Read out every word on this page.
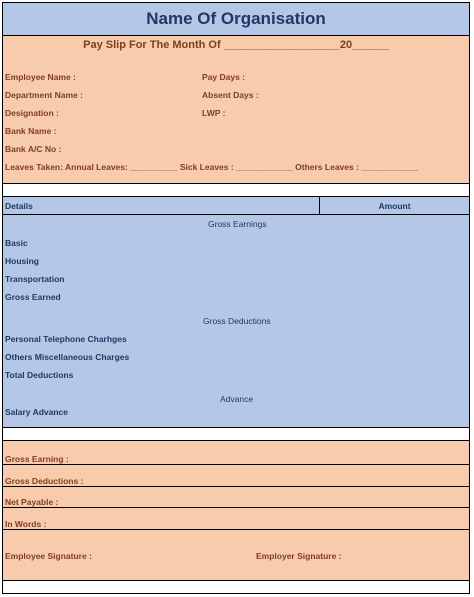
Name Of Organisation
Pay Slip For The Month Of ___________________20______
Employee Name :
Department Name :
Designation :
Bank Name :
Bank A/C No :
Leaves Taken: Annual Leaves: __________ Sick Leaves : ____________ Others Leaves : ____________
Pay Days :
Absent Days :
LWP :
Details	Amount
Gross Earnings
Basic
Housing
Transportation
Gross Earned
Gross Deductions
Personal Telephone Charhges
Others Miscellaneous Charges
Total Deductions
Advance
Salary Advance
Gross Earning :
Gross Deductions :
Net Payable :
In Words :
Employee Signature :	Employer Signature :
